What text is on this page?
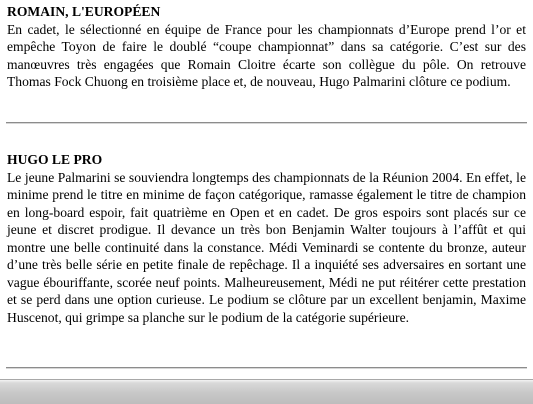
ROMAIN, L'EUROPÉEN

En cadet, le sélectionné en équipe de France pour les championnats d’Europe prend l’or et empêche Toyon de faire le doublé “coupe championnat” dans sa catégorie. C’est sur des manœuvres très engagées que Romain Cloitre écarte son collègue du pôle. On retrouve Thomas Fock Chuong en troisième place et, de nouveau, Hugo Palmarini clôture ce podium.

HUGO LE PRO

Le jeune Palmarini se souviendra longtemps des championnats de la Réunion 2004. En effet, le minime prend le titre en minime de façon catégorique, ramasse également le titre de champion en long-board espoir, fait quatrième en Open et en cadet. De gros espoirs sont placés sur ce jeune et discret prodigue. Il devance un très bon Benjamin Walter toujours à l’affût et qui montre une belle continuité dans la constance. Médi Veminardi se contente du bronze, auteur d’une très belle série en petite finale de repêchage. Il a inquiété ses adversaires en sortant une vague ébouriffante, scorée neuf points. Malheureusement, Médi ne put réitérer cette prestation et se perd dans une option curieuse. Le podium se clôture par un excellent benjamin, Maxime Huscenot, qui grimpe sa planche sur le podium de la catégorie supérieure.
